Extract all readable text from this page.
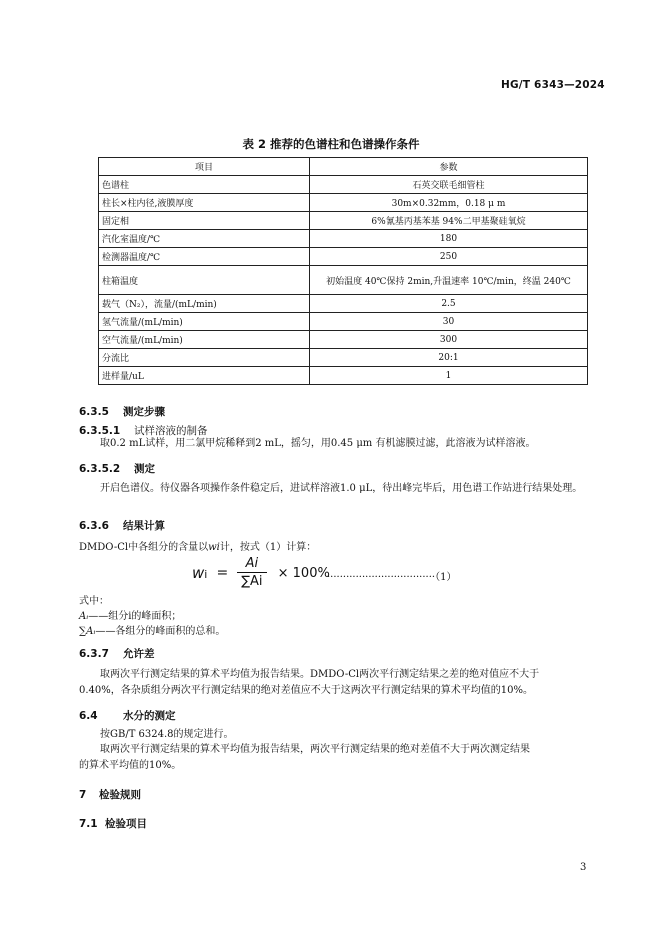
HG/T 6343—2024
表 2 推荐的色谱柱和色谱操作条件
项目	参数
色谱柱	石英交联毛细管柱
柱长×柱内径,液膜厚度	30m×0.32mm，0.18 μ m
固定相	6%氰基丙基苯基 94%二甲基聚硅氧烷
汽化室温度/℃	180
检测器温度/℃	250
柱箱温度	初始温度 40℃保持 2min,升温速率 10℃/min，终温 240℃
载气（N₂），流量/(mL/min)	2.5
氢气流量/(mL/min)	30
空气流量/(mL/min)	300
分流比	20:1
进样量/uL	1
6.3.5 测定步骤
6.3.5.1 试样溶液的制备
取0.2 mL试样，用二氯甲烷稀释到2 mL，摇匀，用0.45 μm 有机滤膜过滤，此溶液为试样溶液。
6.3.5.2 测定
开启色谱仪。待仪器各项操作条件稳定后，进试样溶液1.0 μL，待出峰完毕后，用色谱工作站进行结果处理。
6.3.6 结果计算
DMDO-Cl中各组分的含量以wi计，按式（1）计算：
wi = $\frac{Ai}{\sum Ai} \times 100\%$
··································（1）
式中：
Aᵢ——组分i的峰面积；
∑Aᵢ——各组分的峰面积的总和。
6.3.7 允许差
取两次平行测定结果的算术平均值为报告结果。DMDO-Cl两次平行测定结果之差的绝对值应不大于
0.40%，各杂质组分两次平行测定结果的绝对差值应不大于这两次平行测定结果的算术平均值的10%。
6.4 水分的测定
按GB/T 6324.8的规定进行。
取两次平行测定结果的算术平均值为报告结果，两次平行测定结果的绝对差值不大于两次测定结果
的算术平均值的10%。
7 检验规则
7.1 检验项目
3
